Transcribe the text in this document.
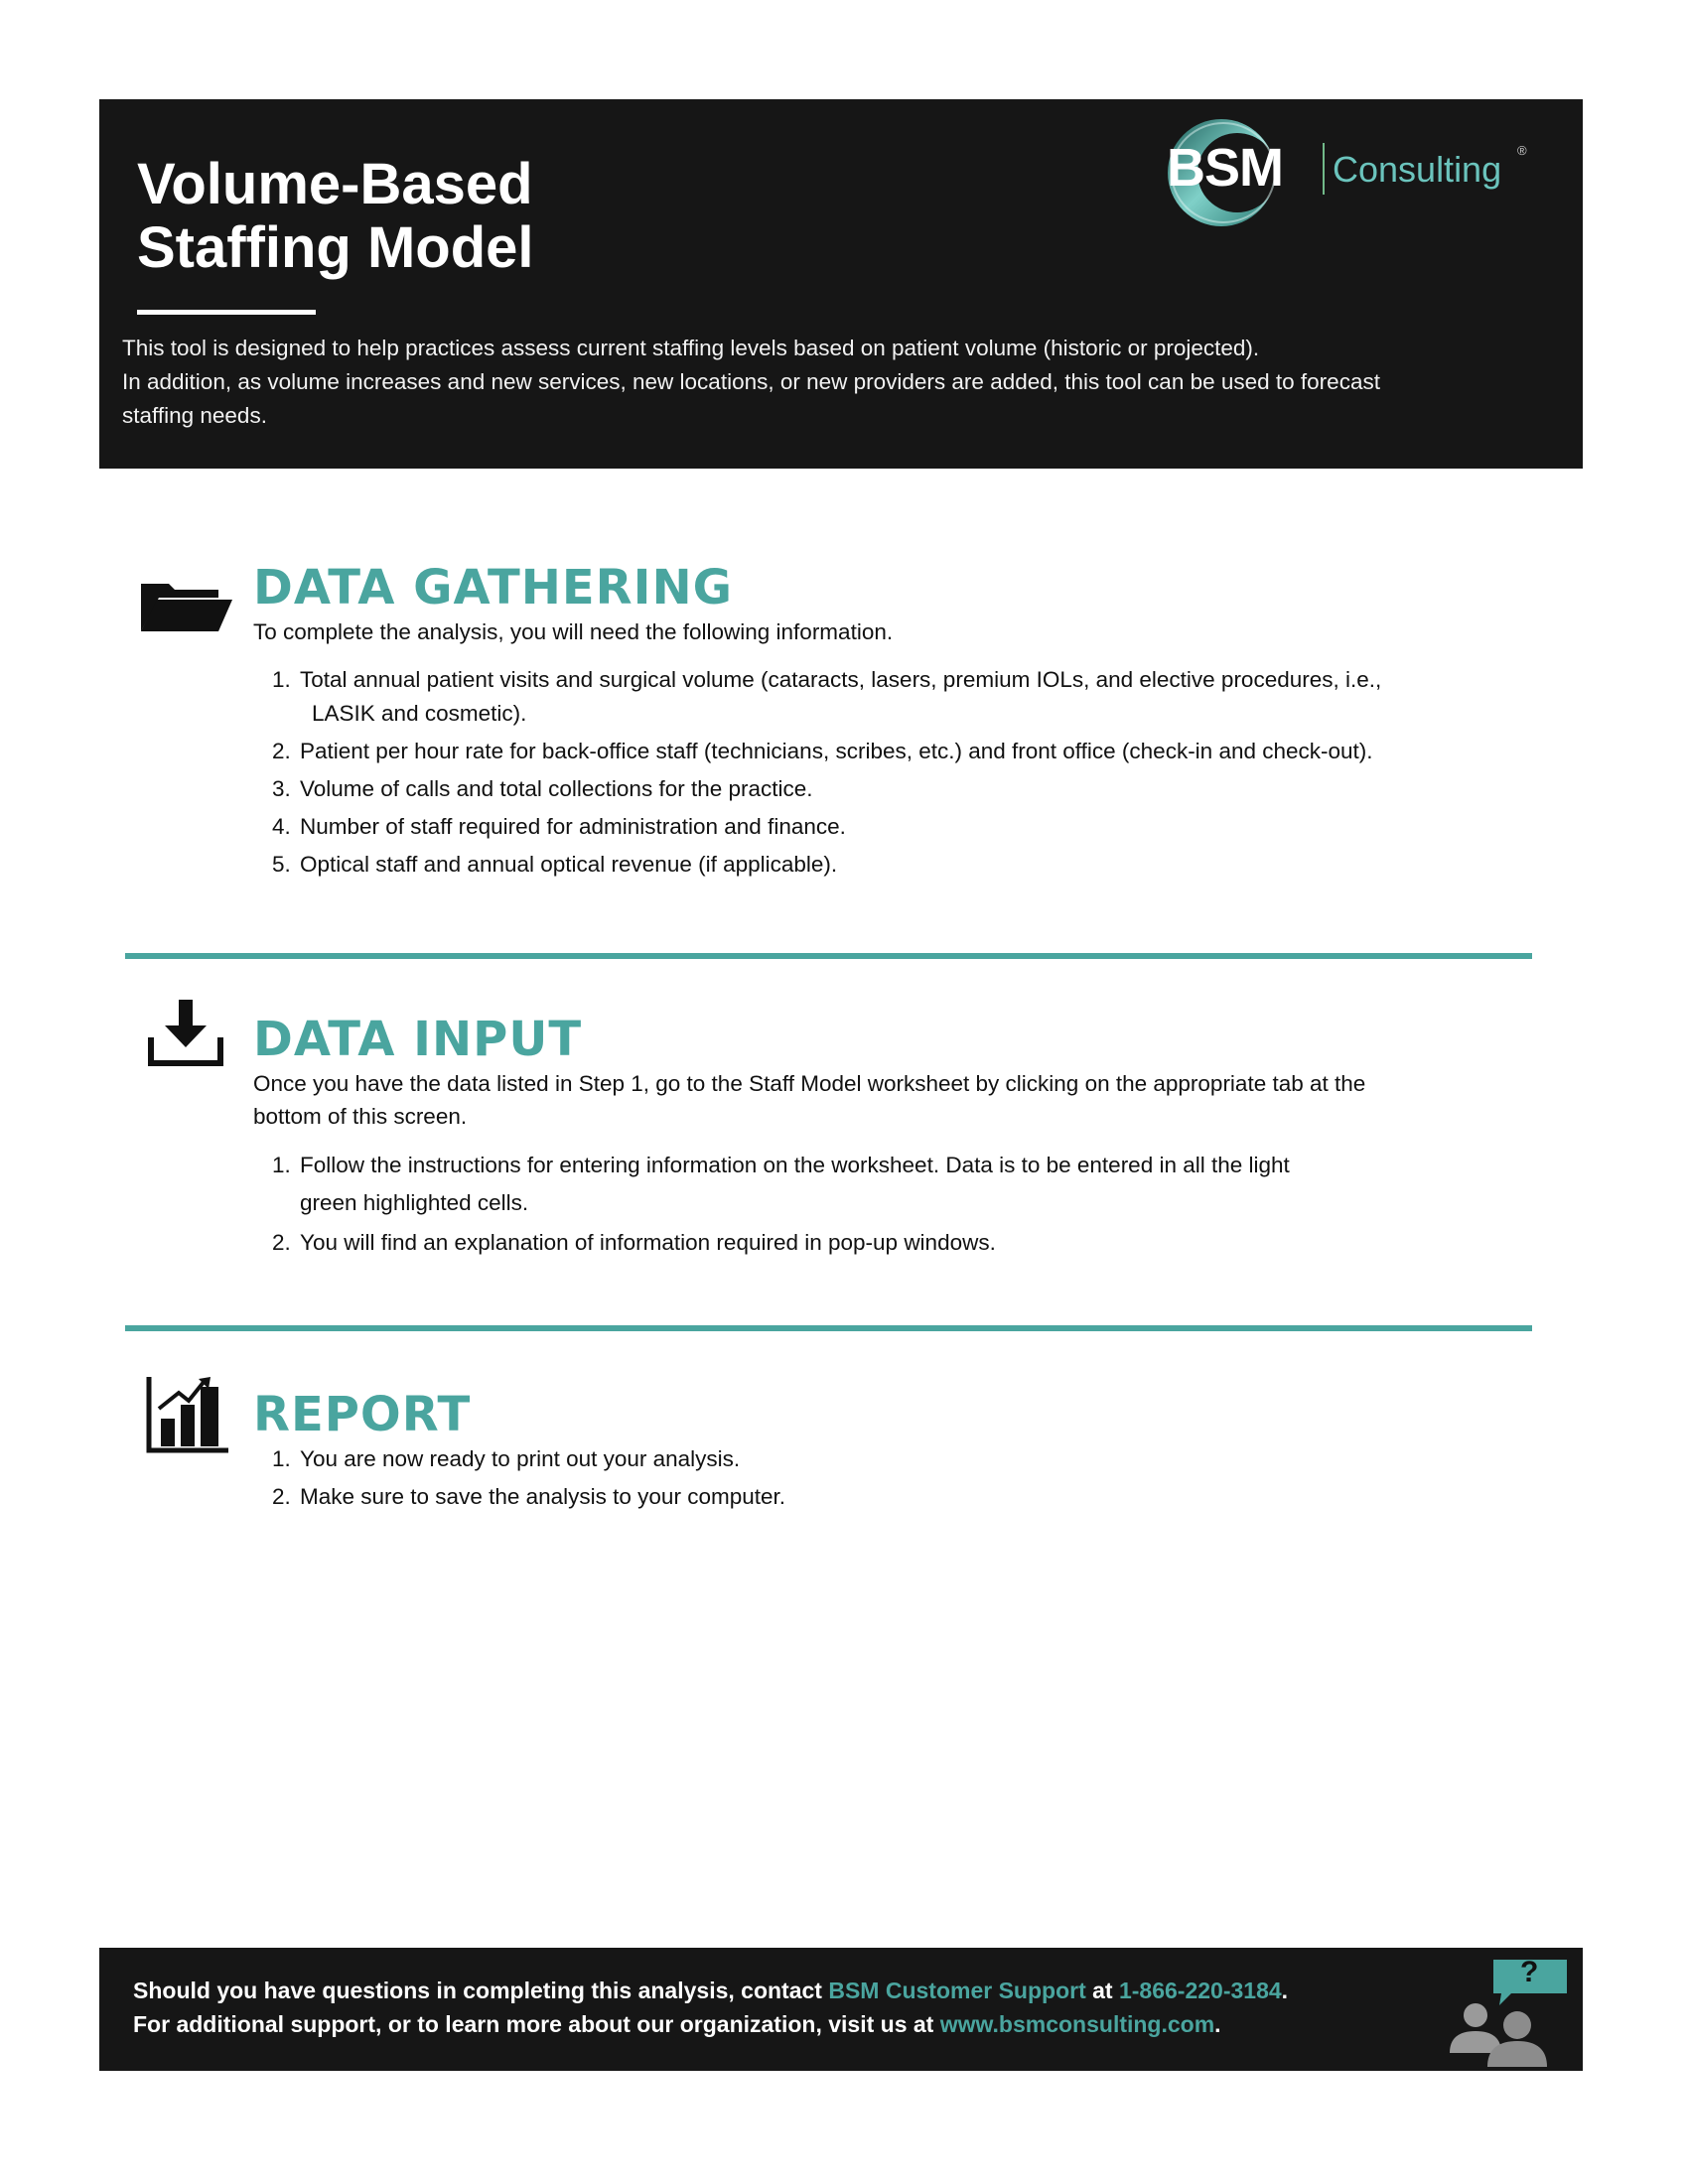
Volume-Based
Staffing Model

This tool is designed to help practices assess current staffing levels based on patient volume (historic or projected).
In addition, as volume increases and new services, new locations, or new providers are added, this tool can be used to forecast
staffing needs.

BSM Consulting ®
DATA GATHERING

To complete the analysis, you will need the following information.

1. Total annual patient visits and surgical volume (cataracts, lasers, premium IOLs, and elective procedures, i.e.,
LASIK and cosmetic).
2. Patient per hour rate for back-office staff (technicians, scribes, etc.) and front office (check-in and check-out).
3. Volume of calls and total collections for the practice.
4. Number of staff required for administration and finance.
5. Optical staff and annual optical revenue (if applicable).
DATA INPUT

Once you have the data listed in Step 1, go to the Staff Model worksheet by clicking on the appropriate tab at the
bottom of this screen.

1. Follow the instructions for entering information on the worksheet. Data is to be entered in all the light
green highlighted cells.
2. You will find an explanation of information required in pop-up windows.
REPORT
1. You are now ready to print out your analysis.
2. Make sure to save the analysis to your computer.

Should you have questions in completing this analysis, contact BSM Customer Support at 1-866-220-3184.

For additional support, or to learn more about our organization, visit us at www.bsmconsulting.com.

?
